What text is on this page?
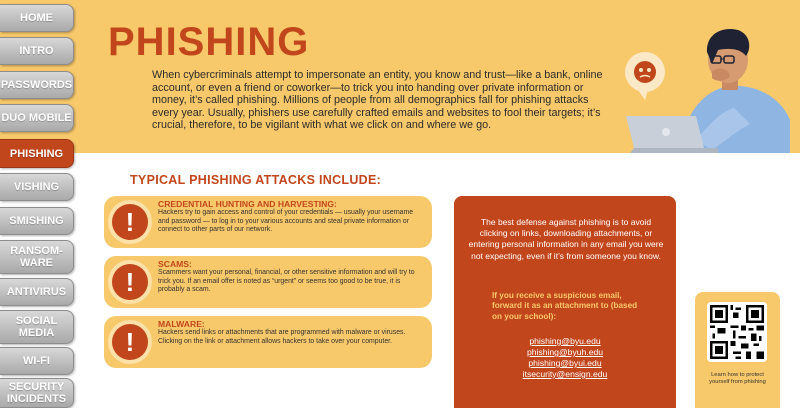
HOME
INTRO
PASSWORDS
DUO MOBILE
PHISHING
VISHING
SMISHING
RANSOM-
WARE
ANTIVIRUS
SOCIAL
MEDIA
WI-FI
SECURITY
INCIDENTS
PHISHING

When cybercriminals attempt to impersonate an entity, you know and trust—like a bank, online account, or even a friend or coworker—to trick you into handing over private information or money, it’s called phishing. Millions of people from all demographics fall for phishing attacks every year. Usually, phishers use carefully crafted emails and websites to fool their targets; it’s crucial, therefore, to be vigilant with what we click on and where we go.

TYPICAL PHISHING ATTACKS INCLUDE:
!
CREDENTIAL HUNTING AND HARVESTING:
Hackers try to gain access and control of your credentials — usually your username and password — to log in to your various accounts and steal private information or connect to other parts of our network.
!
SCAMS:
Scammers want your personal, financial, or other sensitive information and will try to trick you. If an email offer is noted as “urgent” or seems too good to be true, it is probably a scam.
!
MALWARE:
Hackers send links or attachments that are programmed with malware or viruses. Clicking on the link or attachment allows hackers to take over your computer.

The best defense against phishing is to avoid clicking on links, downloading attachments, or entering personal information in any email you were not expecting, even if it’s from someone you know.

If you receive a suspicious email, forward it as an attachment to (based on your school):

phishing@byu.edu
phishing@byuh.edu
phishing@byui.edu
itsecurity@ensign.edu	Learn how to protect yourself from phishing
